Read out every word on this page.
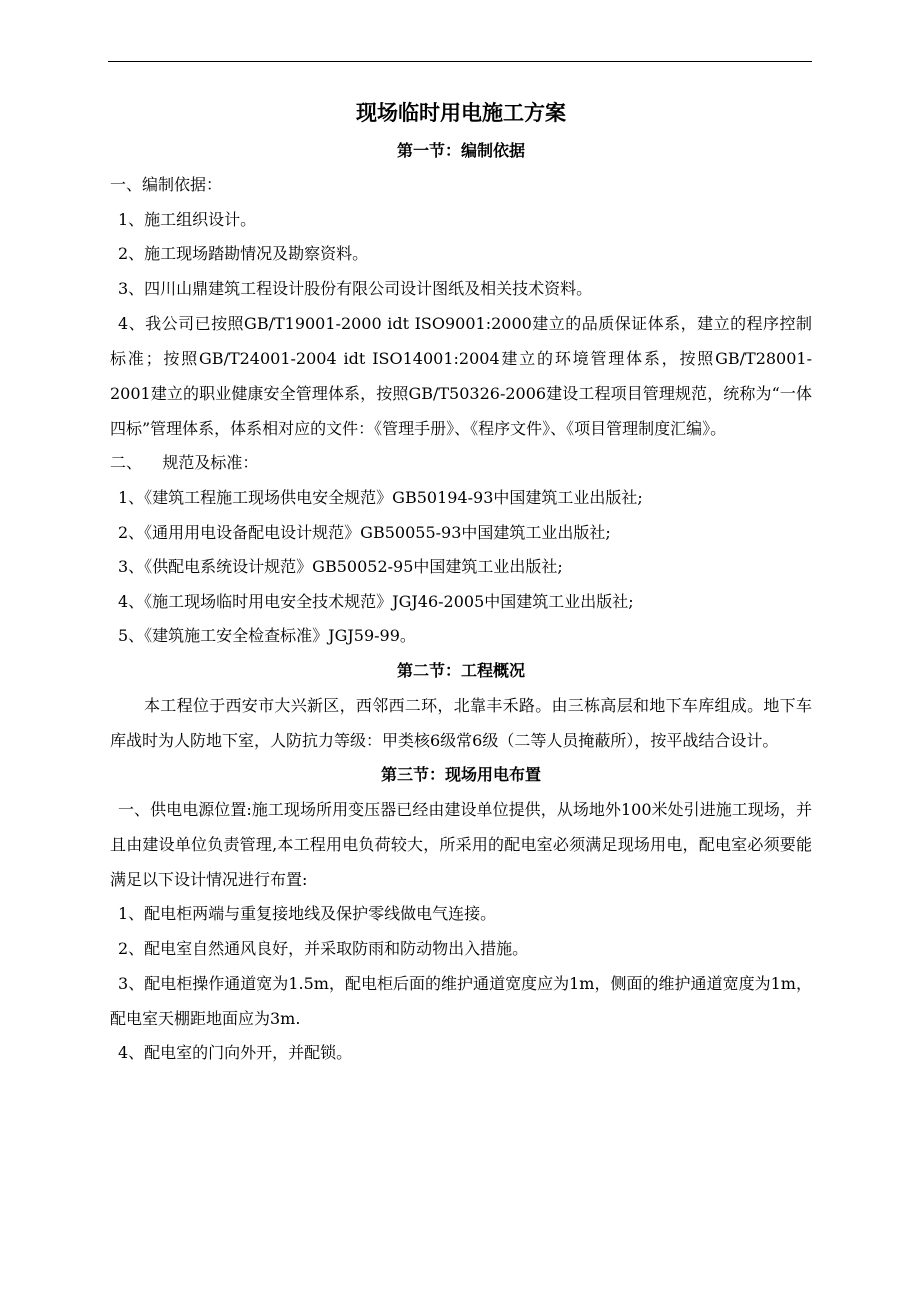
现场临时用电施工方案
第一节：编制依据
一、编制依据：
1、施工组织设计。
2、施工现场踏勘情况及勘察资料。
3、四川山鼎建筑工程设计股份有限公司设计图纸及相关技术资料。
4、我公司已按照GB/T19001-2000 idt ISO9001:2000建立的品质保证体系，建立的程序控制标准；按照GB/T24001-2004 idt ISO14001:2004建立的环境管理体系，按照GB/T28001-2001建立的职业健康安全管理体系，按照GB/T50326-2006建设工程项目管理规范，统称为“一体四标”管理体系，体系相对应的文件：《管理手册》、《程序文件》、《项目管理制度汇编》。
二、    规范及标准：
1、《建筑工程施工现场供电安全规范》GB50194-93中国建筑工业出版社;
2、《通用用电设备配电设计规范》GB50055-93中国建筑工业出版社;
3、《供配电系统设计规范》GB50052-95中国建筑工业出版社;
4、《施工现场临时用电安全技术规范》JGJ46-2005中国建筑工业出版社;
5、《建筑施工安全检查标准》JGJ59-99。
第二节：工程概况
本工程位于西安市大兴新区，西邻西二环，北靠丰禾路。由三栋高层和地下车库组成。地下车库战时为人防地下室，人防抗力等级：甲类核6级常6级（二等人员掩蔽所），按平战结合设计。
第三节：现场用电布置
一、供电电源位置:施工现场所用变压器已经由建设单位提供，从场地外100米处引进施工现场，并且由建设单位负责管理,本工程用电负荷较大，所采用的配电室必须满足现场用电，配电室必须要能满足以下设计情况进行布置:
1、配电柜两端与重复接地线及保护零线做电气连接。
2、配电室自然通风良好，并采取防雨和防动物出入措施。
3、配电柜操作通道宽为1.5m，配电柜后面的维护通道宽度应为1m，侧面的维护通道宽度为1m，配电室天棚距地面应为3m.
4、配电室的门向外开，并配锁。
